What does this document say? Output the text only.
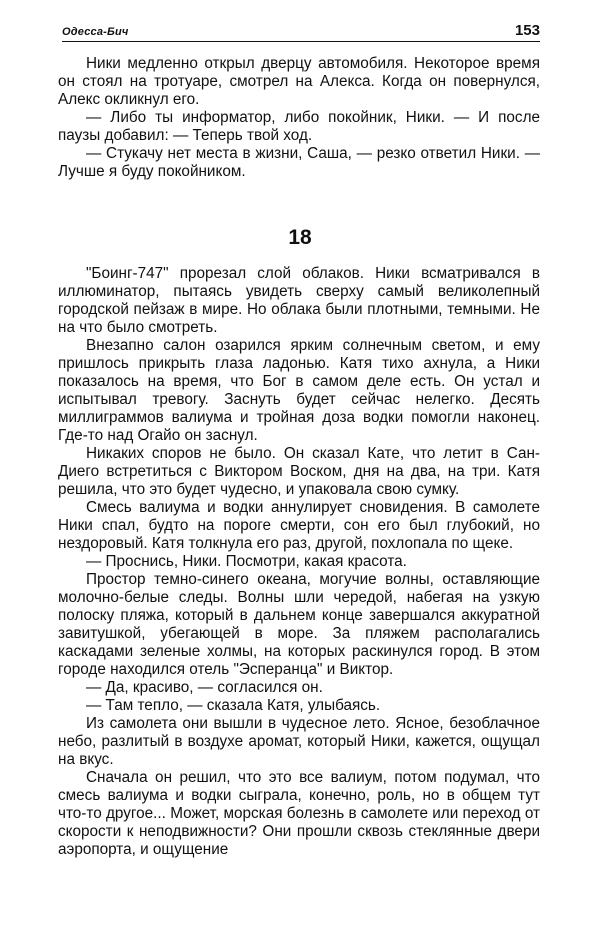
Одесса-Бич	153

Ники медленно открыл дверцу автомобиля. Некоторое время он стоял на тротуаре, смотрел на Алекса. Когда он повернулся, Алекс окликнул его.

— Либо ты информатор, либо покойник, Ники. — И после паузы добавил: — Теперь твой ход.

— Стукачу нет места в жизни, Саша, — резко ответил Ники. — Лучше я буду покойником.

18

"Боинг-747" прорезал слой облаков. Ники всматривался в иллюминатор, пытаясь увидеть сверху самый великолепный городской пейзаж в мире. Но облака были плотными, темными. Не на что было смотреть.

Внезапно салон озарился ярким солнечным светом, и ему пришлось прикрыть глаза ладонью. Катя тихо ахнула, а Ники показалось на время, что Бог в самом деле есть. Он устал и испытывал тревогу. Заснуть будет сейчас нелегко. Десять миллиграммов валиума и тройная доза водки помогли наконец. Где-то над Огайо он заснул.

Никаких споров не было. Он сказал Кате, что летит в Сан-Диего встретиться с Виктором Воском, дня на два, на три. Катя решила, что это будет чудесно, и упаковала свою сумку.

Смесь валиума и водки аннулирует сновидения. В самолете Ники спал, будто на пороге смерти, сон его был глубокий, но нездоровый. Катя толкнула его раз, другой, похлопала по щеке.

— Проснись, Ники. Посмотри, какая красота.

Простор темно-синего океана, могучие волны, оставляющие молочно-белые следы. Волны шли чередой, набегая на узкую полоску пляжа, который в дальнем конце завершался аккуратной завитушкой, убегающей в море. За пляжем располагались каскадами зеленые холмы, на которых раскинулся город. В этом городе находился отель "Эсперанца" и Виктор.

— Да, красиво, — согласился он.

— Там тепло, — сказала Катя, улыбаясь.

Из самолета они вышли в чудесное лето. Ясное, безоблачное небо, разлитый в воздухе аромат, который Ники, кажется, ощущал на вкус.

Сначала он решил, что это все валиум, потом подумал, что смесь валиума и водки сыграла, конечно, роль, но в общем тут что-то другое... Может, морская болезнь в самолете или переход от скорости к неподвижности? Они прошли сквозь стеклянные двери аэропорта, и ощущение
